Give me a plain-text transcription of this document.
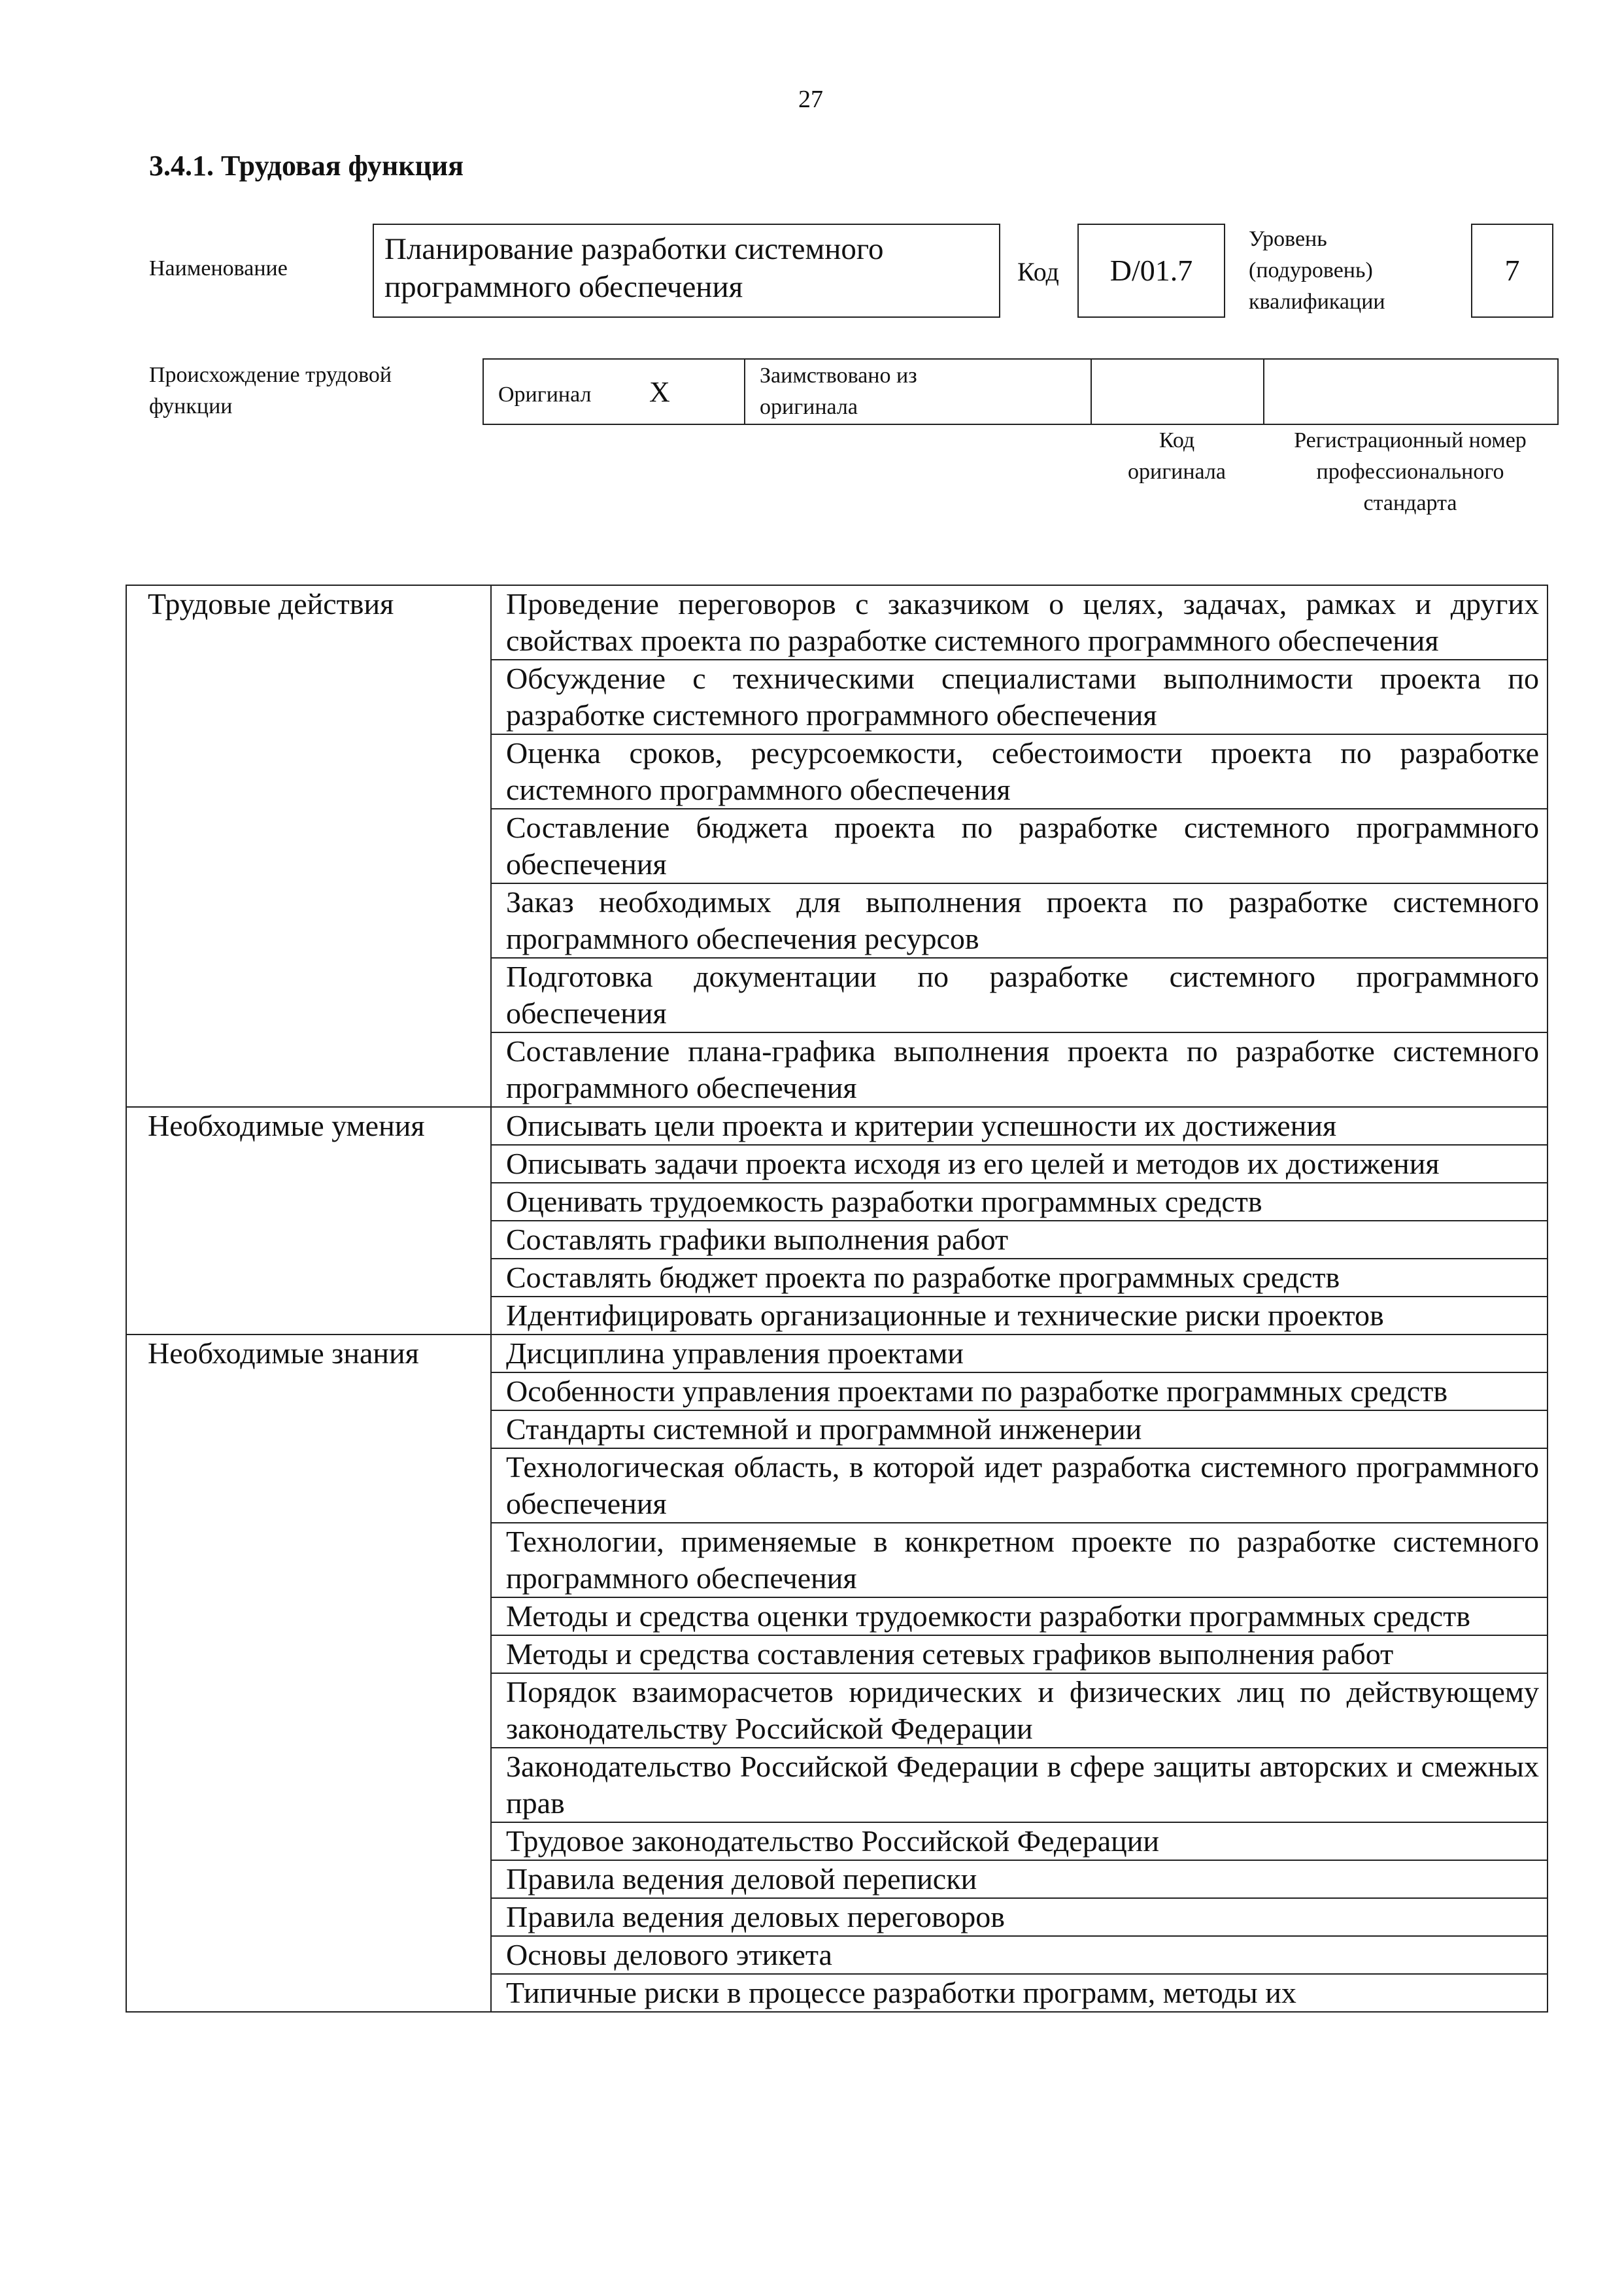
27
3.4.1. Трудовая функция
Наименование
Планирование разработки системного программного обеспечения	Код	D/01.7
Уровень (подуровень) квалификации
7
Происхождение трудовой функции	Оригинал X	Заимствовано из оригинала

Код оригинала
Регистрационный номер профессионального стандарта
Трудовые действия	Проведение переговоров с заказчиком о целях, задачах, рамках и других свойствах проекта по разработке системного программного обеспечения
	Обсуждение с техническими специалистами выполнимости проекта по разработке системного программного обеспечения
	Оценка сроков, ресурсоемкости, себестоимости проекта по разработке системного программного обеспечения
	Составление бюджета проекта по разработке системного программного обеспечения
	Заказ необходимых для выполнения проекта по разработке системного программного обеспечения ресурсов
	Подготовка документации по разработке системного программного обеспечения
	Составление плана-графика выполнения проекта по разработке системного программного обеспечения
Необходимые умения	Описывать цели проекта и критерии успешности их достижения
	Описывать задачи проекта исходя из его целей и методов их достижения
	Оценивать трудоемкость разработки программных средств
	Составлять графики выполнения работ
	Составлять бюджет проекта по разработке программных средств
	Идентифицировать организационные и технические риски проектов
Необходимые знания	Дисциплина управления проектами
	Особенности управления проектами по разработке программных средств
	Стандарты системной и программной инженерии
	Технологическая область, в которой идет разработка системного программного обеспечения
	Технологии, применяемые в конкретном проекте по разработке системного программного обеспечения
	Методы и средства оценки трудоемкости разработки программных средств
	Методы и средства составления сетевых графиков выполнения работ
	Порядок взаиморасчетов юридических и физических лиц по действующему законодательству Российской Федерации
	Законодательство Российской Федерации в сфере защиты авторских и смежных прав
	Трудовое законодательство Российской Федерации
	Правила ведения деловой переписки
	Правила ведения деловых переговоров
	Основы делового этикета
	Типичные риски в процессе разработки программ, методы их
